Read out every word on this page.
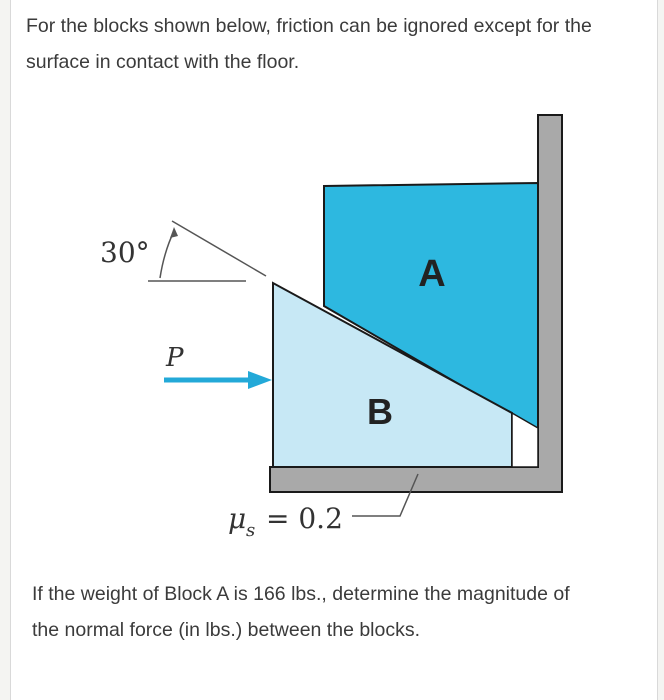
For the blocks shown below, friction can be ignored except for the surface in contact with the floor.
30°
P
A
B
μ s = 0.2
If the weight of Block A is 166 lbs., determine the magnitude of the normal force (in lbs.) between the blocks.
